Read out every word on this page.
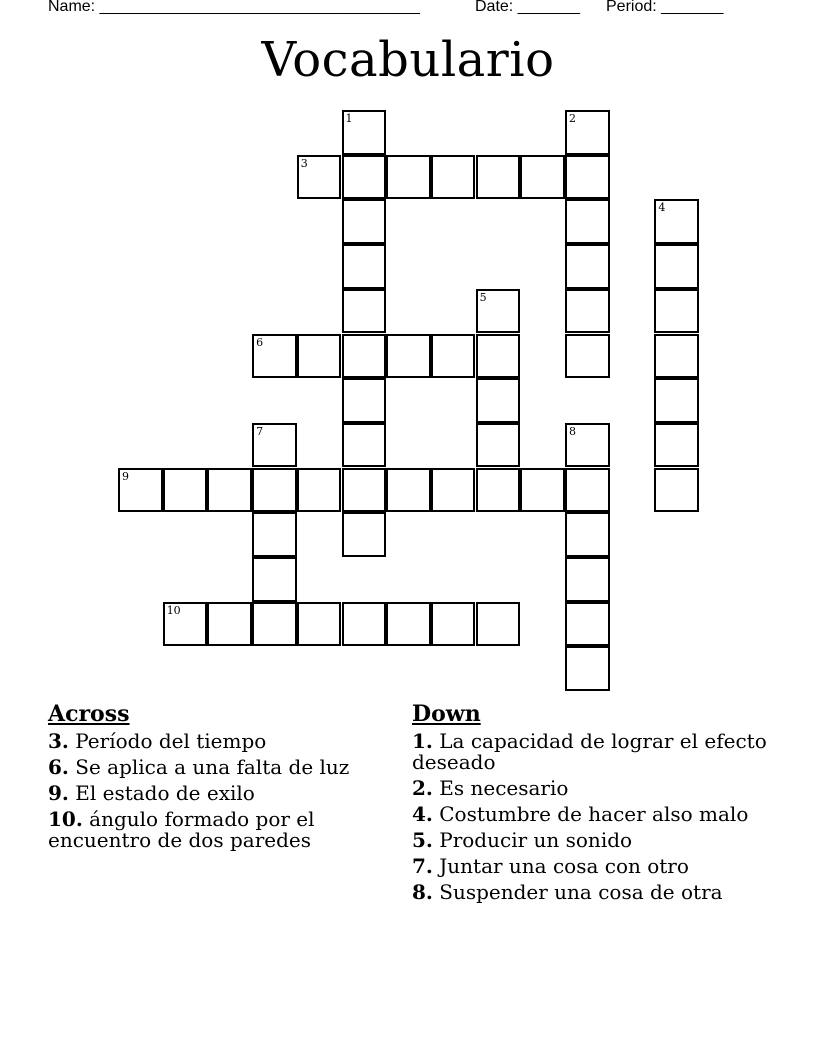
Name: ____________________________________	Date: _______ Period: _______
Vocabulario
1	2
3
4
5
6
7	8
9
10
Across
3. Período del tiempo
6. Se aplica a una falta de luz
9. El estado de exilo
10. ángulo formado por el encuentro de dos paredes
Down
1. La capacidad de lograr el efecto deseado
2. Es necesario
4. Costumbre de hacer also malo
5. Producir un sonido
7. Juntar una cosa con otro
8. Suspender una cosa de otra
